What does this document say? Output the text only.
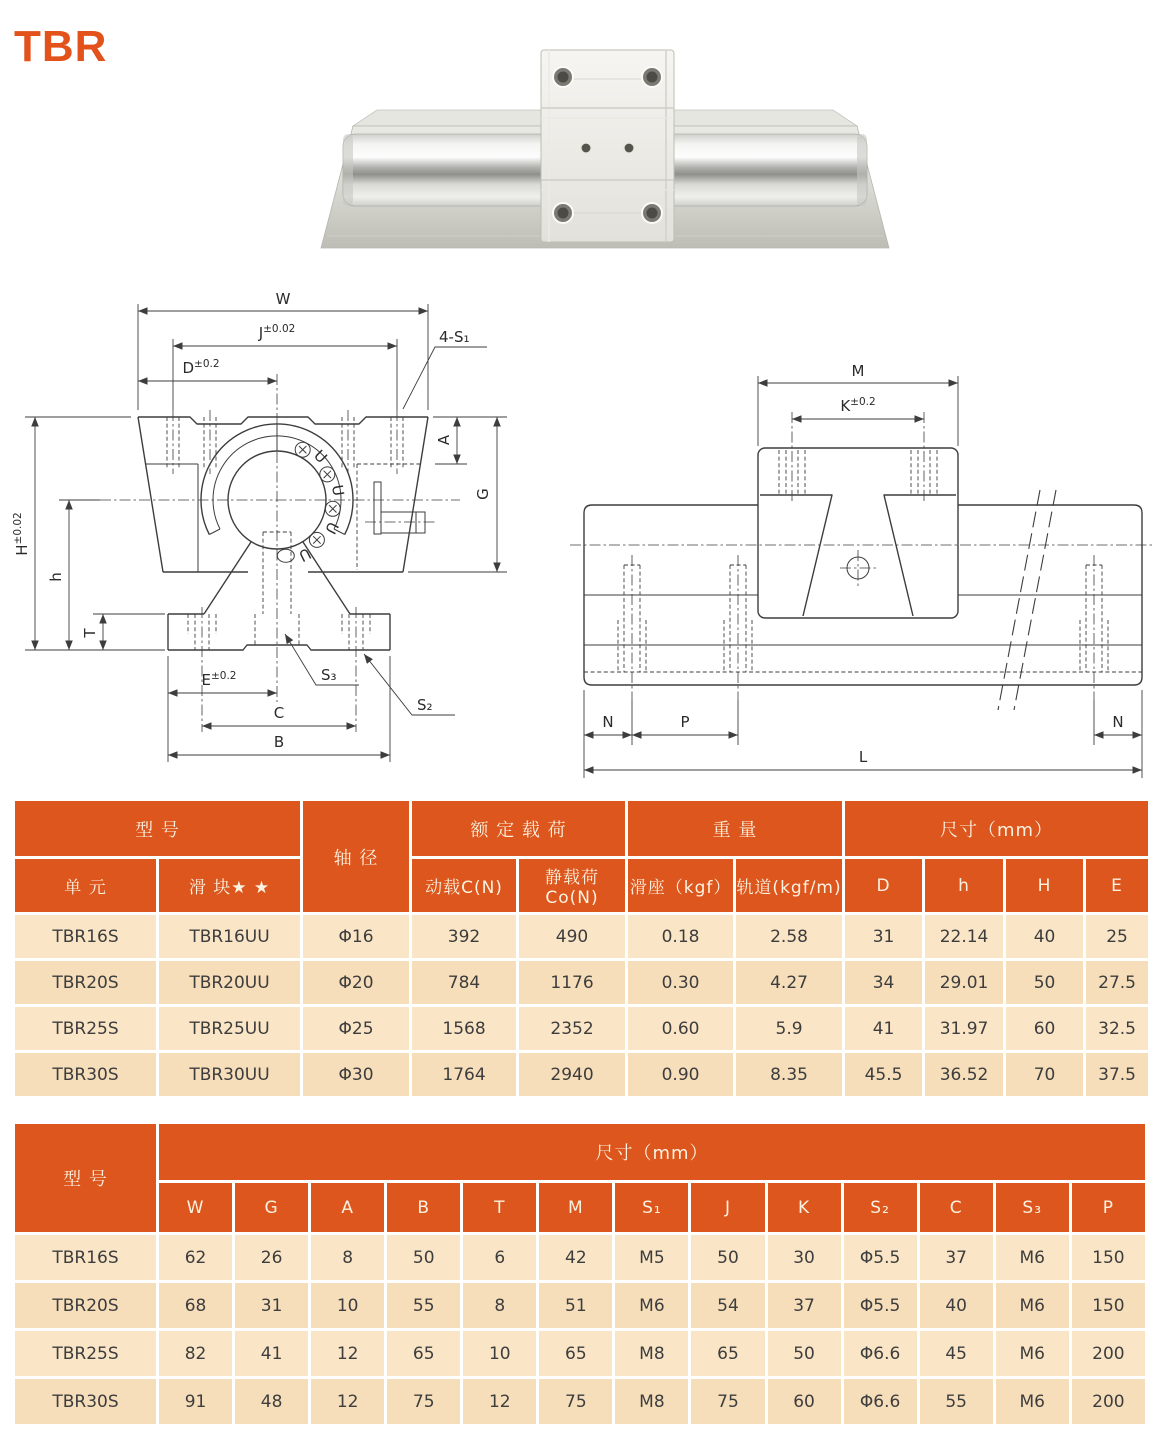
TBR
U
U
U
U
W
$J^{\pm 0.02}$
$D^{\pm 0.2}$
4-S₁
A
G
$H^{\pm 0.02}$
h
T
$E^{\pm 0.2}$
C
B
S₃
S₂
M
$K^{\pm 0.2}$
N	P	N
L
型 号		轴 径	额 定 载 荷		重 量		尺寸（mm）			
单 元	滑 块★ ★		动载C(N)	静载荷Co(N)	滑座（kgf）	轨道(kgf/m)	D	h	H	E
TBR16S	TBR16UU	Φ16	392	490	0.18	2.58	31	22.14	40	25
TBR20S	TBR20UU	Φ20	784	1176	0.30	4.27	34	29.01	50	27.5
TBR25S	TBR25UU	Φ25	1568	2352	0.60	5.9	41	31.97	60	32.5
TBR30S	TBR30UU	Φ30	1764	2940	0.90	8.35	45.5	36.52	70	37.5
型 号	尺寸（mm）												
	W	G	A	B	T	M	S₁	J	K	S₂	C	S₃	P
TBR16S	62	26	8	50	6	42	M5	50	30	Φ5.5	37	M6	150
TBR20S	68	31	10	55	8	51	M6	54	37	Φ5.5	40	M6	150
TBR25S	82	41	12	65	10	65	M8	65	50	Φ6.6	45	M6	200
TBR30S	91	48	12	75	12	75	M8	75	60	Φ6.6	55	M6	200
